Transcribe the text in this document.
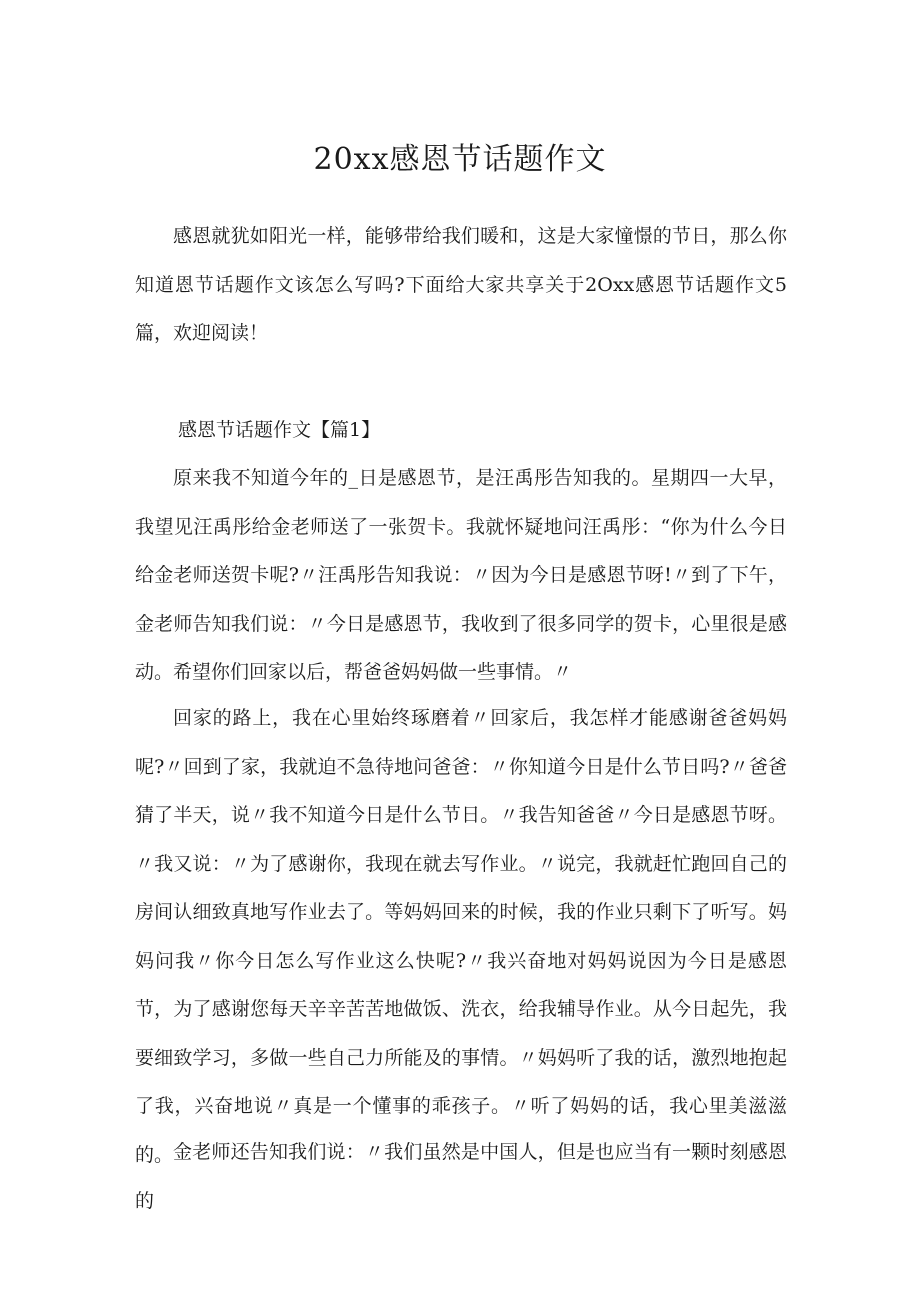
20xx感恩节话题作文

感恩就犹如阳光一样，能够带给我们暖和，这是大家憧憬的节日，那么你知道恩节话题作文该怎么写吗?下面给大家共享关于2Oxx感恩节话题作文5篇，欢迎阅读！

感恩节话题作文【篇1】

原来我不知道今年的_日是感恩节，是汪禹彤告知我的。星期四一大早，我望见汪禹彤给金老师送了一张贺卡。我就怀疑地问汪禹彤：“你为什么今日给金老师送贺卡呢?〃汪禹彤告知我说：〃因为今日是感恩节呀!〃到了下午，金老师告知我们说：〃今日是感恩节，我收到了很多同学的贺卡，心里很是感动。希望你们回家以后，帮爸爸妈妈做一些事情。〃

回家的路上，我在心里始终琢磨着〃回家后，我怎样才能感谢爸爸妈妈呢?〃回到了家，我就迫不急待地问爸爸：〃你知道今日是什么节日吗?〃爸爸猜了半天，说〃我不知道今日是什么节日。〃我告知爸爸〃今日是感恩节呀。〃我又说：〃为了感谢你，我现在就去写作业。〃说完，我就赶忙跑回自己的房间认细致真地写作业去了。等妈妈回来的时候，我的作业只剩下了听写。妈妈问我〃你今日怎么写作业这么快呢?〃我兴奋地对妈妈说因为今日是感恩节，为了感谢您每天辛辛苦苦地做饭、洗衣，给我辅导作业。从今日起先，我要细致学习，多做一些自己力所能及的事情。〃妈妈听了我的话，激烈地抱起了我，兴奋地说〃真是一个懂事的乖孩子。〃听了妈妈的话，我心里美滋滋的。 金老师还告知我们说：〃我们虽然是中国人，但是也应当有一颗时刻感恩的
